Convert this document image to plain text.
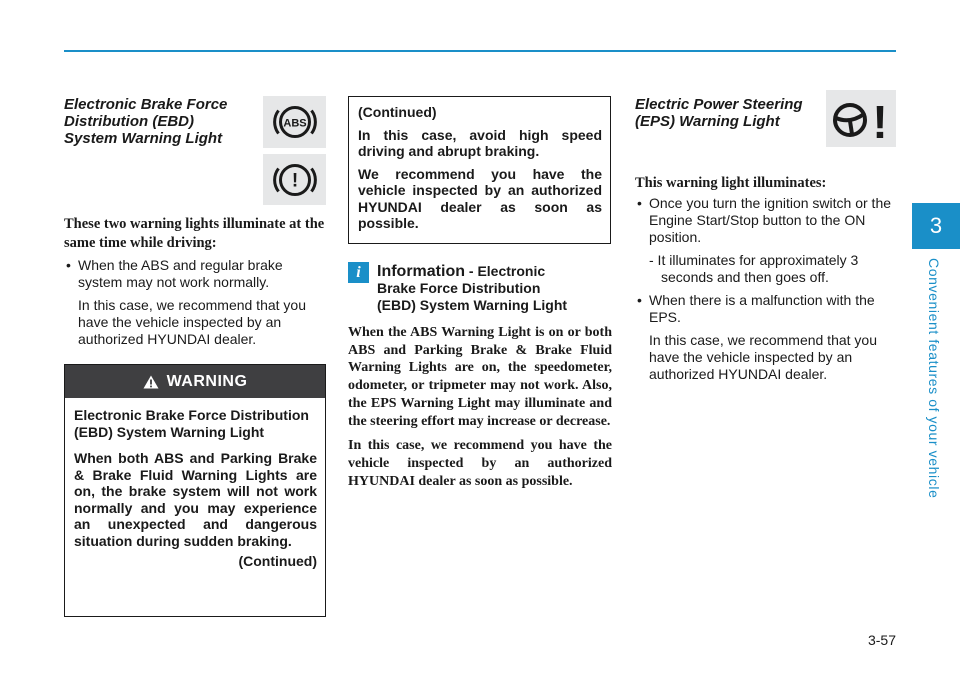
Electronic Brake Force
Distribution (EBD)
System Warning Light
ABS
!
These two warning lights illuminate at the same time while driving:
• When the ABS and regular brake system may not work normally.
In this case, we recommend that you have the vehicle inspected by an authorized HYUNDAI dealer.
WARNING

Electronic Brake Force Distribution (EBD) System Warning Light

When both ABS and Parking Brake & Brake Fluid Warning Lights are on, the brake system will not work normally and you may experience an unexpected and dangerous situation during sudden braking.

(Continued)

(Continued)

In this case, avoid high speed driving and abrupt braking.

We recommend you have the vehicle inspected by an authorized HYUNDAI dealer as soon as possible.

i	Information - Electronic
Brake Force Distribution
(EBD) System Warning Light

When the ABS Warning Light is on or both ABS and Parking Brake & Brake Fluid Warning Lights are on, the speedometer, odometer, or tripmeter may not work. Also, the EPS Warning Light may illuminate and the steering effort may increase or decrease.

In this case, we recommend you have the vehicle inspected by an authorized HYUNDAI dealer as soon as possible.

Electric Power Steering
(EPS) Warning Light	!
This warning light illuminates:
• Once you turn the ignition switch or the Engine Start/Stop button to the ON position.
- It illuminates for approximately 3 seconds and then goes off.
• When there is a malfunction with the EPS.
In this case, we recommend that you have the vehicle inspected by an authorized HYUNDAI dealer.
3
Convenient features of your vehicle
3-57
